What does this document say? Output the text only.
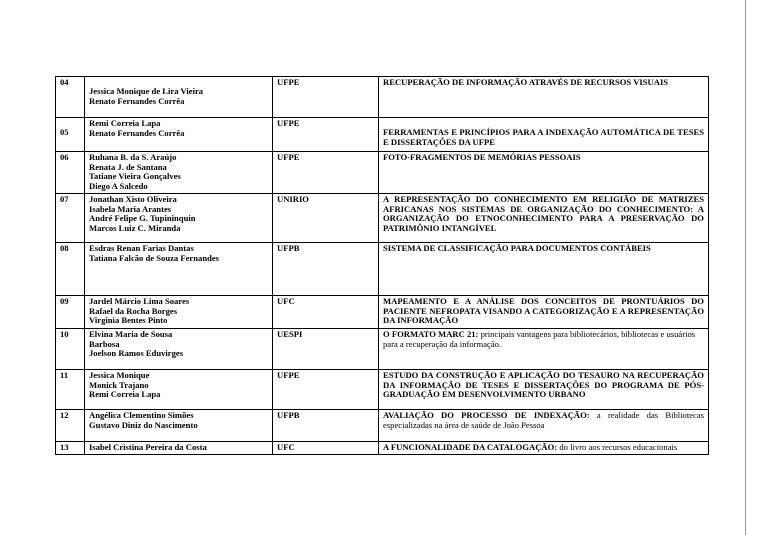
04	Jessica Monique de Lira Vieira
Renato Fernandes Corrêa	UFPE	RECUPERAÇÃO DE INFORMAÇÃO ATRAVÉS DE RECURSOS VISUAIS

05	Remi Correia Lapa
Renato Fernandes Corrêa	UFPE	FERRAMENTAS E PRINCÍPIOS PARA A INDEXAÇÃO AUTOMÁTICA DE TESES E DISSERTAÇÕES DA UFPE
06	Ruhana B. da S. Araújo
Renata J. de Santana
Tatiane Vieira Gonçalves
Diego A Salcedo	UFPE	FOTO-FRAGMENTOS DE MEMÓRIAS PESSOAIS
07	Jonathan Xisto Oliveira
Isabela Maria Arantes
André Felipe G. Tupininquin
Marcos Luiz C. Miranda	UNIRIO	A REPRESENTAÇÃO DO CONHECIMENTO EM RELIGIÃO DE MATRIZES AFRICANAS NOS SISTEMAS DE ORGANIZAÇÃO DO CONHECIMENTO: A ORGANIZAÇÃO DO ETNOCONHECIMENTO PARA A PRESERVAÇÃO DO PATRIMÔNIO INTANGÍVEL
08	Esdras Renan Farias Dantas
Tatiana Falcão de Souza Fernandes	UFPB	SISTEMA DE CLASSIFICAÇÃO PARA DOCUMENTOS CONTÁBEIS
09	Jardel Márcio Lima Soares
Rafael da Rocha Borges
Virginia Bentes Pinto	UFC	MAPEAMENTO E A ANÁLISE DOS CONCEITOS DE PRONTUÁRIOS DO PACIENTE NEFROPATA VISANDO A CATEGORIZAÇÃO E A REPRESENTAÇÃO DA INFORMAÇÃO
10	Elvina Maria de Sousa
Barbosa
Joelson Ramos Eduvirges	UESPI	O FORMATO MARC 21: principais vantagens para bibliotecários, bibliotecas e usuários para a recuperação da informação.
11	Jessica Monique
Monick Trajano
Remi Correia Lapa	UFPE	ESTUDO DA CONSTRUÇÃO E APLICAÇÃO DO TESAURO NA RECUPERAÇÃO DA INFORMAÇÃO DE TESES E DISSERTAÇÕES DO PROGRAMA DE PÓS- GRADUAÇÃO EM DESENVOLVIMENTO URBANO
12	Angélica Clementino Simões
Gustavo Diniz do Nascimento	UFPB	AVALIAÇÃO DO PROCESSO DE INDEXAÇÃO: a realidade das Bibliotecas especializadas na área de saúde de João Pessoa
13	Isabel Cristina Pereira da Costa	UFC	A FUNCIONALIDADE DA CATALOGAÇÃO: do livro aos recursos educacionais
